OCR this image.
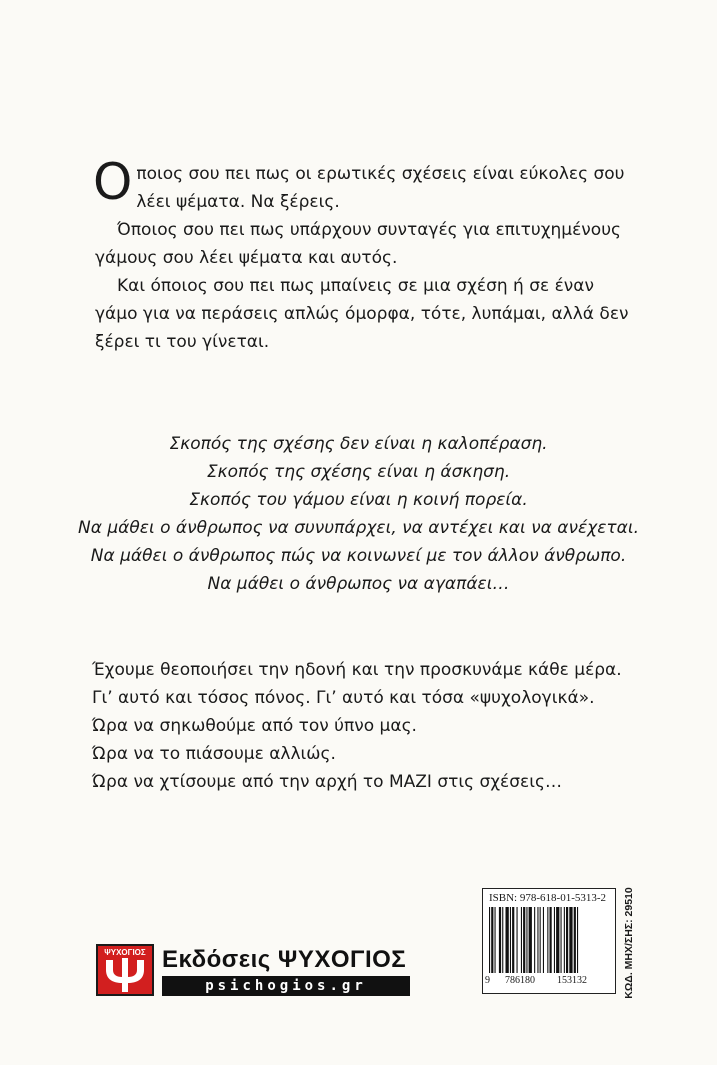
Οποιος σου πει πως οι ερωτικές σχέσεις είναι εύκολες σου λέει ψέματα. Να ξέρεις.

Όποιος σου πει πως υπάρχουν συνταγές για επιτυχημένους γάμους σου λέει ψέματα και αυτός.

Και όποιος σου πει πως μπαίνεις σε μια σχέση ή σε έναν γάμο για να περάσεις απλώς όμορφα, τότε, λυπάμαι, αλλά δεν ξέρει τι του γίνεται.

Σκοπός της σχέσης δεν είναι η καλοπέραση.
Σκοπός της σχέσης είναι η άσκηση.
Σκοπός του γάμου είναι η κοινή πορεία.
Να μάθει ο άνθρωπος να συνυπάρχει, να αντέχει και να ανέχεται.
Να μάθει ο άνθρωπος πώς να κοινωνεί με τον άλλον άνθρωπο.
Να μάθει ο άνθρωπος να αγαπάει…
Έχουμε θεοποιήσει την ηδονή και την προσκυνάμε κάθε μέρα.
Γι’ αυτό και τόσος πόνος. Γι’ αυτό και τόσα «ψυχολογικά».
Ώρα να σηκωθούμε από τον ύπνο μας.
Ώρα να το πιάσουμε αλλιώς.
Ώρα να χτίσουμε από την αρχή το ΜΑΖΙ στις σχέσεις…
ΨΥΧΟΓΙΟΣ Εκδόσεις ΨΥΧΟΓΙΟΣ
psichogios.gr
ISBN: 978-618-01-5313-2
9 786180 153132	ΚΩΔ. ΜΗΧ/ΣΗΣ: 29510
